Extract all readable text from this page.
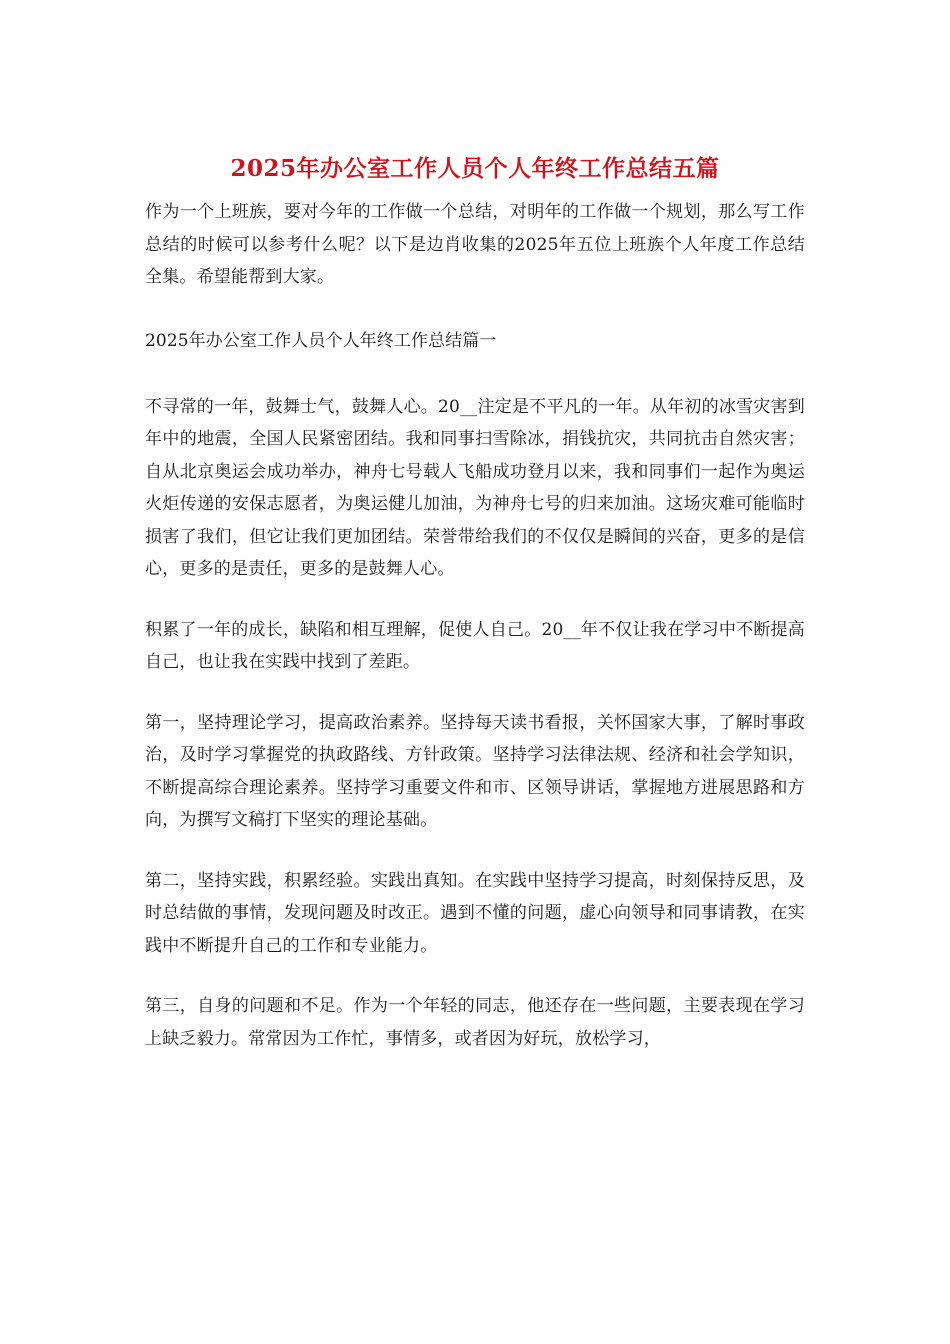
2025年办公室工作人员个人年终工作总结五篇

作为一个上班族，要对今年的工作做一个总结，对明年的工作做一个规划，那么写工作总结的时候可以参考什么呢？以下是边肖收集的2025年五位上班族个人年度工作总结全集。希望能帮到大家。

2025年办公室工作人员个人年终工作总结篇一

不寻常的一年，鼓舞士气，鼓舞人心。20__注定是不平凡的一年。从年初的冰雪灾害到年中的地震，全国人民紧密团结。我和同事扫雪除冰，捐钱抗灾，共同抗击自然灾害；自从北京奥运会成功举办，神舟七号载人飞船成功登月以来，我和同事们一起作为奥运火炬传递的安保志愿者，为奥运健儿加油，为神舟七号的归来加油。这场灾难可能临时损害了我们，但它让我们更加团结。荣誉带给我们的不仅仅是瞬间的兴奋，更多的是信心，更多的是责任，更多的是鼓舞人心。

积累了一年的成长，缺陷和相互理解，促使人自己。20__年不仅让我在学习中不断提高自己，也让我在实践中找到了差距。

第一，坚持理论学习，提高政治素养。坚持每天读书看报，关怀国家大事，了解时事政治，及时学习掌握党的执政路线、方针政策。坚持学习法律法规、经济和社会学知识，不断提高综合理论素养。坚持学习重要文件和市、区领导讲话，掌握地方进展思路和方向，为撰写文稿打下坚实的理论基础。

第二，坚持实践，积累经验。实践出真知。在实践中坚持学习提高，时刻保持反思，及时总结做的事情，发现问题及时改正。遇到不懂的问题，虚心向领导和同事请教，在实践中不断提升自己的工作和专业能力。

第三，自身的问题和不足。作为一个年轻的同志，他还存在一些问题，主要表现在学习上缺乏毅力。常常因为工作忙，事情多，或者因为好玩，放松学习，
